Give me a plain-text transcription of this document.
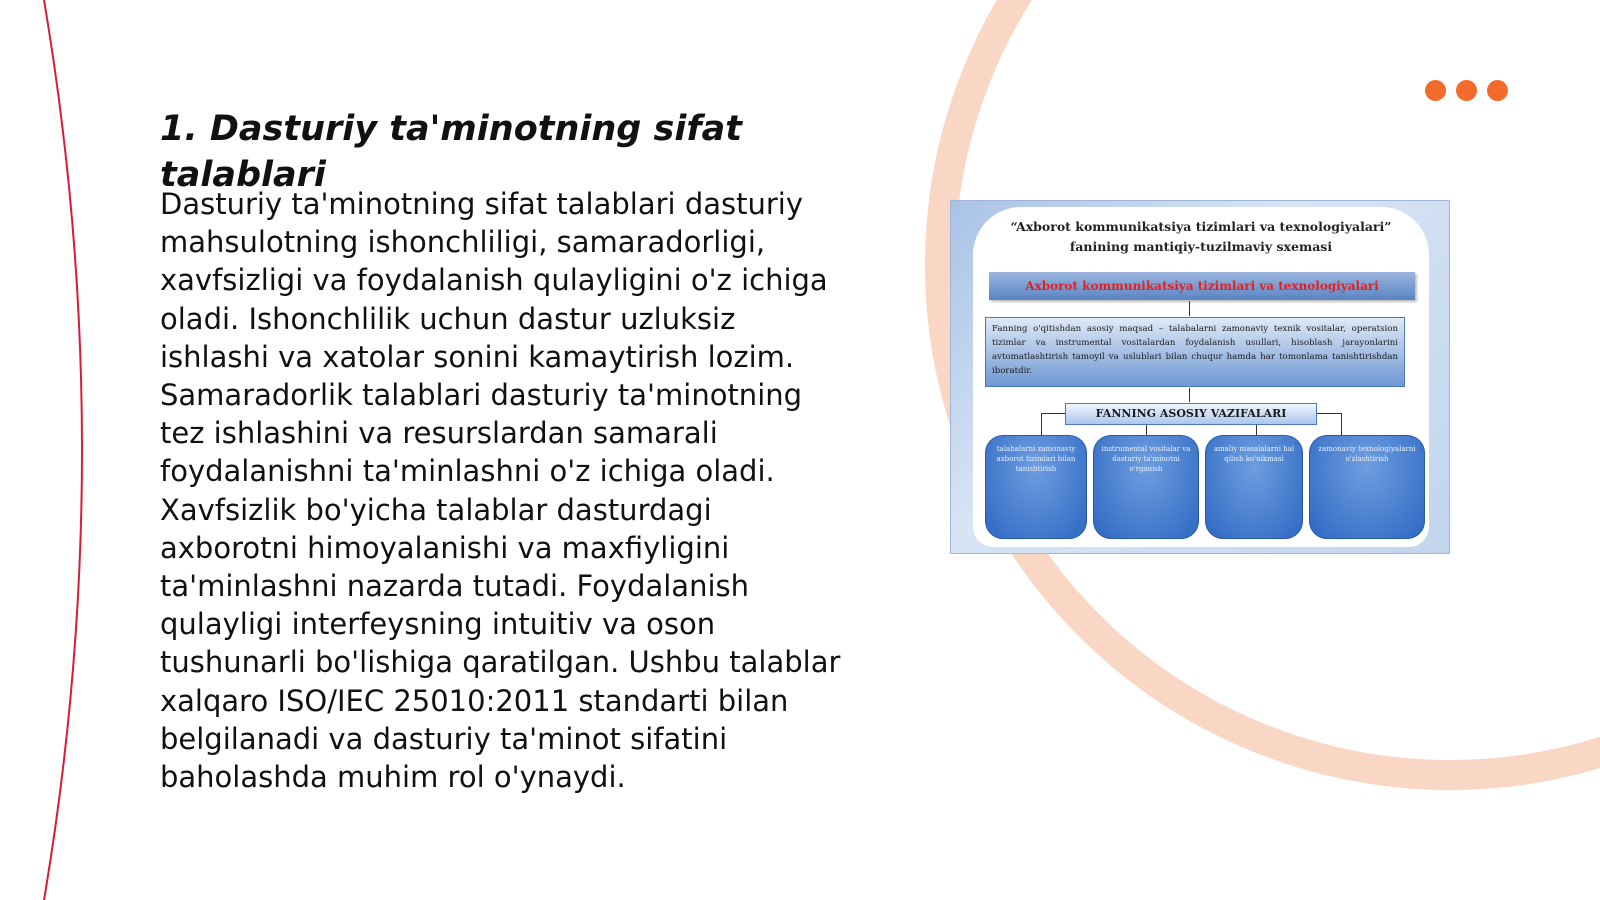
1. Dasturiy ta'minotning sifat talablari

Dasturiy ta'minotning sifat talablari dasturiy mahsulotning ishonchliligi, samaradorligi, xavfsizligi va foydalanish qulayligini o'z ichiga oladi. Ishonchlilik uchun dastur uzluksiz ishlashi va xatolar sonini kamaytirish lozim. Samaradorlik talablari dasturiy ta'minotning tez ishlashini va resurslardan samarali foydalanishni ta'minlashni o'z ichiga oladi. Xavfsizlik bo'yicha talablar dasturdagi axborotni himoyalanishi va maxfiyligini ta'minlashni nazarda tutadi. Foydalanish qulayligi interfeysning intuitiv va oson tushunarli bo'lishiga qaratilgan. Ushbu talablar xalqaro ISO/IEC 25010:2011 standarti bilan belgilanadi va dasturiy ta'minot sifatini baholashda muhim rol o'ynaydi.

“Axborot kommunikatsiya tizimlari va texnologiyalari”
fanining mantiqiy-tuzilmaviy sxemasi
Axborot kommunikatsiya tizimlari va texnologiyalari
Fanning o'qitishdan asosiy maqsad – talabalarni zamonaviy texnik vositalar, operatsion tizimlar va instrumental vositalardan foydalanish usullari, hisoblash jarayonlarini avtomatlashtirish tamoyil va uslublari bilan chuqur hamda har tomonlama tanishtirishdan iboratdir.
FANNING ASOSIY VAZIFALARI
talabalarni zamonaviy axborot tizimlari bilan tanishtirish
instrumental vositalar va dasturiy ta'minotni o'rganish
amaliy masalalarni hal qilish ko'nikmasi
zamonaviy texnologiyalarni o'zlashtirish
